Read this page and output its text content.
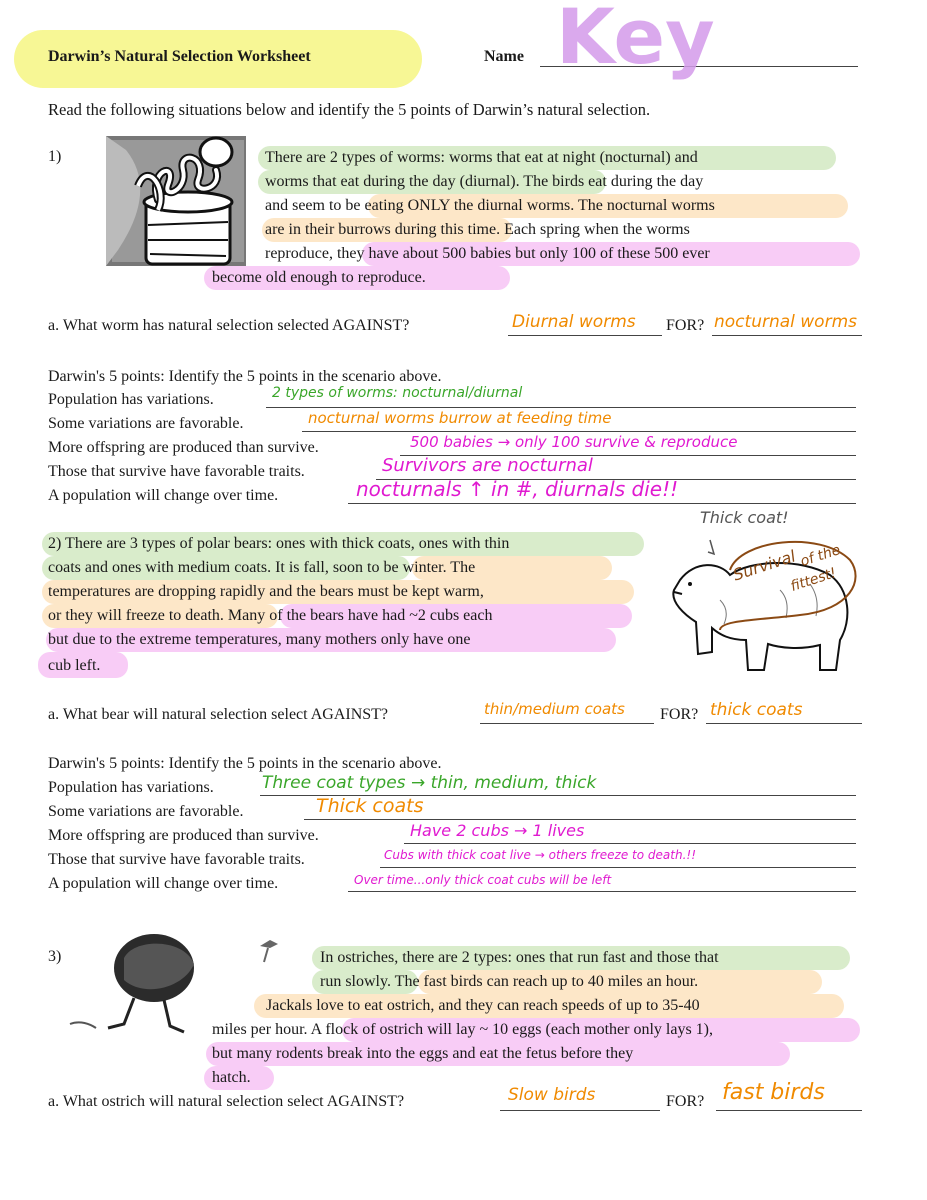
Darwin’s Natural Selection Worksheet	Name Key
Read the following situations below and identify the 5 points of Darwin’s natural selection.
1)	There are 2 types of worms: worms that eat at night (nocturnal) and
worms that eat during the day (diurnal). The birds eat during the day
and seem to be eating ONLY the diurnal worms. The nocturnal worms
are in their burrows during this time. Each spring when the worms
reproduce, they have about 500 babies but only 100 of these 500 ever
become old enough to reproduce.
a. What worm has natural selection selected AGAINST?	Diurnal worms FOR? nocturnal worms
Darwin's 5 points: Identify the 5 points in the scenario above.
Population has variations.	2 types of worms: nocturnal/diurnal
Some variations are favorable.	nocturnal worms burrow at feeding time
More offspring are produced than survive.	500 babies → only 100 survive & reproduce
Those that survive have favorable traits.	Survivors are nocturnal
A population will change over time.	nocturnals ↑ in #, diurnals die!!
2) There are 3 types of polar bears: ones with thick coats, ones with thin
coats and ones with medium coats. It is fall, soon to be winter. The
temperatures are dropping rapidly and the bears must be kept warm,
or they will freeze to death. Many of the bears have had ~2 cubs each
but due to the extreme temperatures, many mothers only have one
cub left.
Thick coat!
Survival of the
fittest!
a. What bear will natural selection select AGAINST?	thin/medium coats FOR? thick coats
Darwin's 5 points: Identify the 5 points in the scenario above.
Population has variations.	Three coat types → thin, medium, thick
Some variations are favorable.	Thick coats
More offspring are produced than survive.	Have 2 cubs → 1 lives
Those that survive have favorable traits.	Cubs with thick coat live → others freeze to death.!!
A population will change over time.	Over time...only thick coat cubs will be left
3)	In ostriches, there are 2 types: ones that run fast and those that
run slowly. The fast birds can reach up to 40 miles an hour.
Jackals love to eat ostrich, and they can reach speeds of up to 35-40
miles per hour. A flock of ostrich will lay ~ 10 eggs (each mother only lays 1),
but many rodents break into the eggs and eat the fetus before they
hatch.
a. What ostrich will natural selection select AGAINST?	Slow birds	FOR? fast birds
